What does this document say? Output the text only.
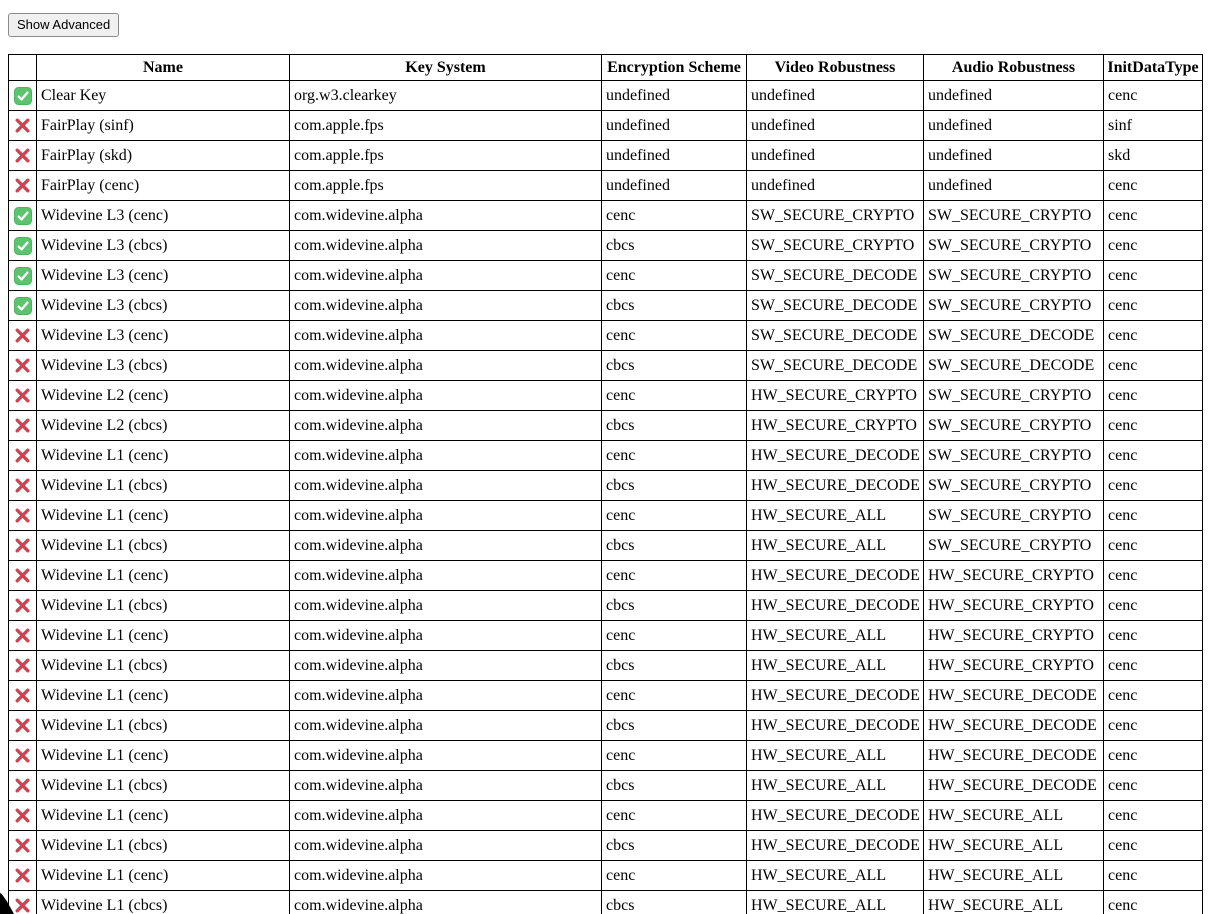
Show Advanced
	Name	Key System	Encryption Scheme	Video Robustness	Audio Robustness	InitDataType
	Clear Key	org.w3.clearkey	undefined	undefined	undefined	cenc
	FairPlay (sinf)	com.apple.fps	undefined	undefined	undefined	sinf
	FairPlay (skd)	com.apple.fps	undefined	undefined	undefined	skd
	FairPlay (cenc)	com.apple.fps	undefined	undefined	undefined	cenc
	Widevine L3 (cenc)	com.widevine.alpha	cenc	SW_SECURE_CRYPTO	SW_SECURE_CRYPTO	cenc
	Widevine L3 (cbcs)	com.widevine.alpha	cbcs	SW_SECURE_CRYPTO	SW_SECURE_CRYPTO	cenc
	Widevine L3 (cenc)	com.widevine.alpha	cenc	SW_SECURE_DECODE	SW_SECURE_CRYPTO	cenc
	Widevine L3 (cbcs)	com.widevine.alpha	cbcs	SW_SECURE_DECODE	SW_SECURE_CRYPTO	cenc
	Widevine L3 (cenc)	com.widevine.alpha	cenc	SW_SECURE_DECODE	SW_SECURE_DECODE	cenc
	Widevine L3 (cbcs)	com.widevine.alpha	cbcs	SW_SECURE_DECODE	SW_SECURE_DECODE	cenc
	Widevine L2 (cenc)	com.widevine.alpha	cenc	HW_SECURE_CRYPTO	SW_SECURE_CRYPTO	cenc
	Widevine L2 (cbcs)	com.widevine.alpha	cbcs	HW_SECURE_CRYPTO	SW_SECURE_CRYPTO	cenc
	Widevine L1 (cenc)	com.widevine.alpha	cenc	HW_SECURE_DECODE	SW_SECURE_CRYPTO	cenc
	Widevine L1 (cbcs)	com.widevine.alpha	cbcs	HW_SECURE_DECODE	SW_SECURE_CRYPTO	cenc
	Widevine L1 (cenc)	com.widevine.alpha	cenc	HW_SECURE_ALL	SW_SECURE_CRYPTO	cenc
	Widevine L1 (cbcs)	com.widevine.alpha	cbcs	HW_SECURE_ALL	SW_SECURE_CRYPTO	cenc
	Widevine L1 (cenc)	com.widevine.alpha	cenc	HW_SECURE_DECODE	HW_SECURE_CRYPTO	cenc
	Widevine L1 (cbcs)	com.widevine.alpha	cbcs	HW_SECURE_DECODE	HW_SECURE_CRYPTO	cenc
	Widevine L1 (cenc)	com.widevine.alpha	cenc	HW_SECURE_ALL	HW_SECURE_CRYPTO	cenc
	Widevine L1 (cbcs)	com.widevine.alpha	cbcs	HW_SECURE_ALL	HW_SECURE_CRYPTO	cenc
	Widevine L1 (cenc)	com.widevine.alpha	cenc	HW_SECURE_DECODE	HW_SECURE_DECODE	cenc
	Widevine L1 (cbcs)	com.widevine.alpha	cbcs	HW_SECURE_DECODE	HW_SECURE_DECODE	cenc
	Widevine L1 (cenc)	com.widevine.alpha	cenc	HW_SECURE_ALL	HW_SECURE_DECODE	cenc
	Widevine L1 (cbcs)	com.widevine.alpha	cbcs	HW_SECURE_ALL	HW_SECURE_DECODE	cenc
	Widevine L1 (cenc)	com.widevine.alpha	cenc	HW_SECURE_DECODE	HW_SECURE_ALL	cenc
	Widevine L1 (cbcs)	com.widevine.alpha	cbcs	HW_SECURE_DECODE	HW_SECURE_ALL	cenc
	Widevine L1 (cenc)	com.widevine.alpha	cenc	HW_SECURE_ALL	HW_SECURE_ALL	cenc
	Widevine L1 (cbcs)	com.widevine.alpha	cbcs	HW_SECURE_ALL	HW_SECURE_ALL	cenc
